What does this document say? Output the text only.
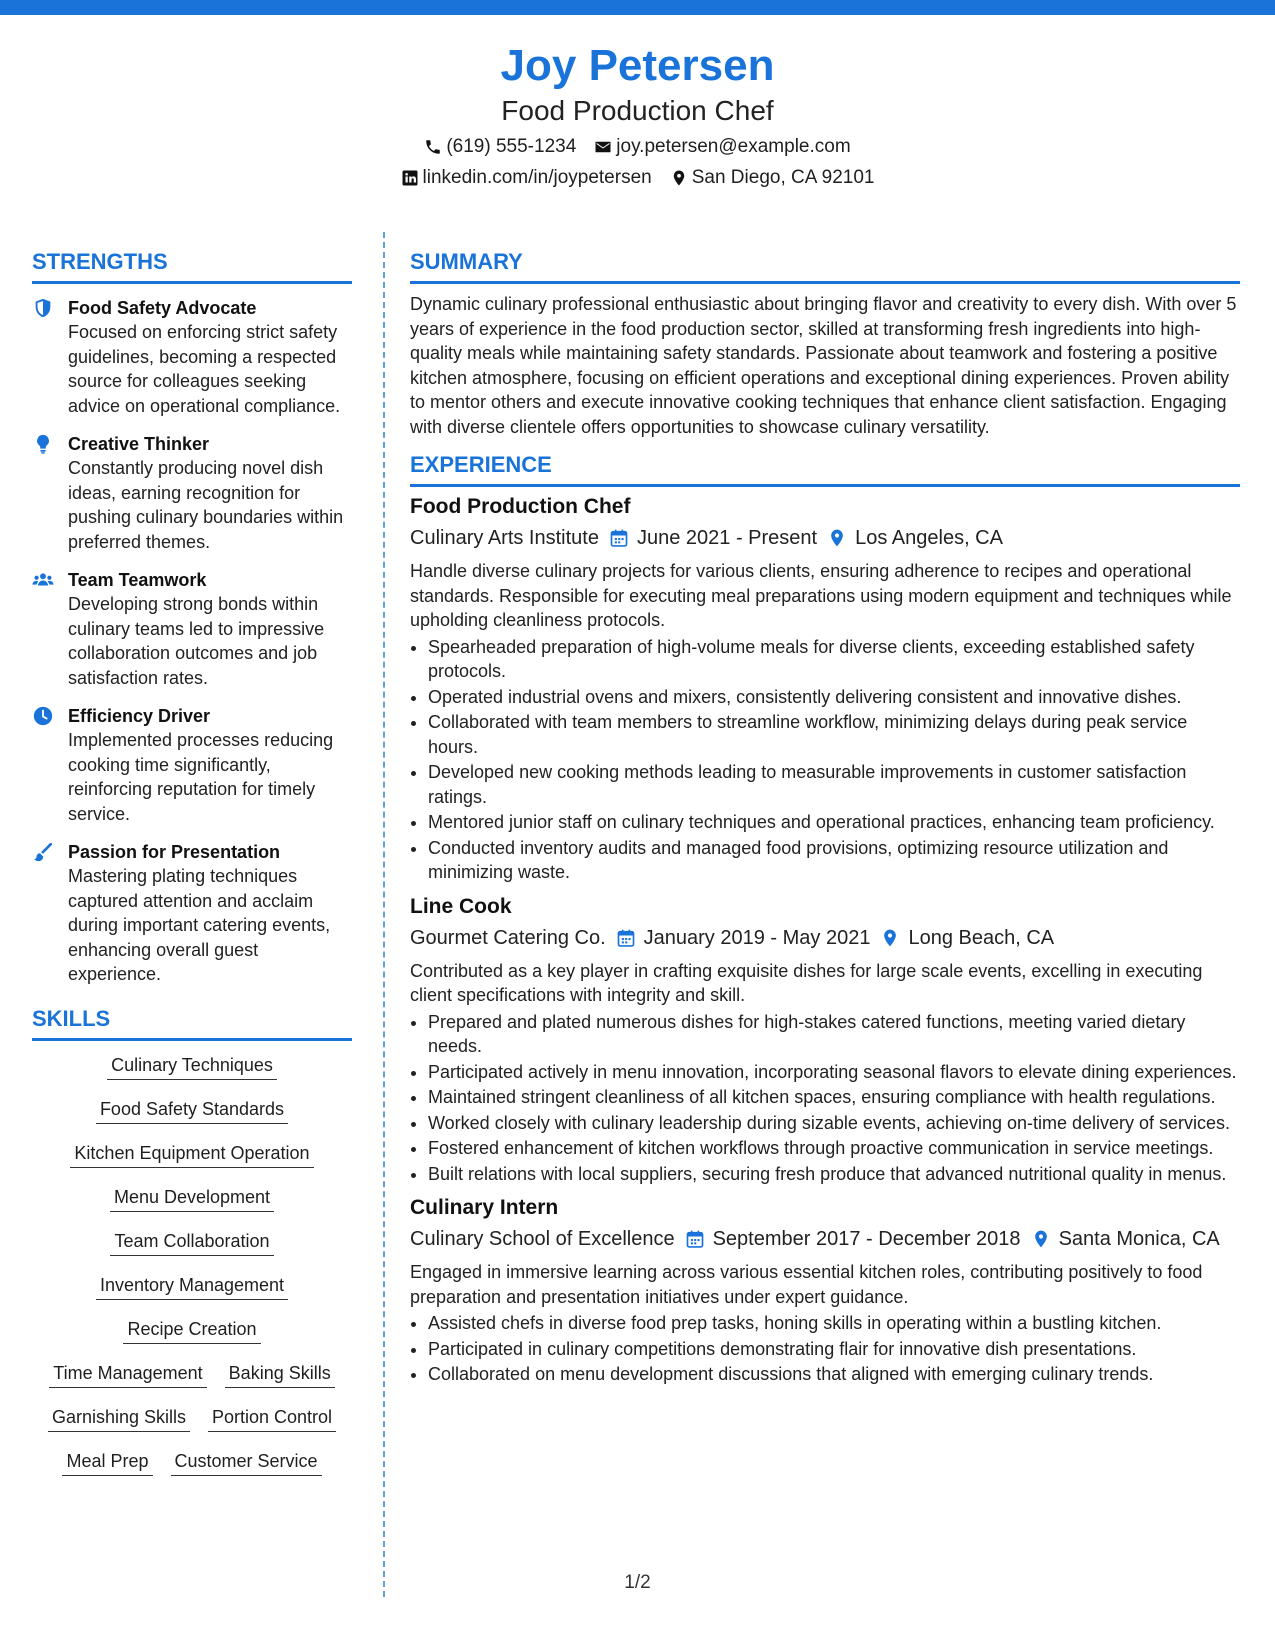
Joy Petersen
Food Production Chef
(619) 555-1234 joy.petersen@example.com
linkedin.com/in/joypetersen San Diego, CA 92101
STRENGTHS
Food Safety Advocate
Focused on enforcing strict safety guidelines, becoming a respected source for colleagues seeking advice on operational compliance.
Creative Thinker
Constantly producing novel dish ideas, earning recognition for pushing culinary boundaries within preferred themes.
Team Teamwork
Developing strong bonds within culinary teams led to impressive collaboration outcomes and job satisfaction rates.
Efficiency Driver
Implemented processes reducing cooking time significantly, reinforcing reputation for timely service.
Passion for Presentation
Mastering plating techniques captured attention and acclaim during important catering events, enhancing overall guest experience.
SKILLS
Culinary Techniques
Food Safety Standards
Kitchen Equipment Operation
Menu Development
Team Collaboration
Inventory Management
Recipe Creation
Time Management Baking Skills
Garnishing Skills Portion Control
Meal Prep Customer Service
SUMMARY
Dynamic culinary professional enthusiastic about bringing flavor and creativity to every dish. With over 5 years of experience in the food production sector, skilled at transforming fresh ingredients into high-quality meals while maintaining safety standards. Passionate about teamwork and fostering a positive kitchen atmosphere, focusing on efficient operations and exceptional dining experiences. Proven ability to mentor others and execute innovative cooking techniques that enhance client satisfaction. Engaging with diverse clientele offers opportunities to showcase culinary versatility.
EXPERIENCE
Food Production Chef
Culinary Arts Institute June 2021 - Present Los Angeles, CA
Handle diverse culinary projects for various clients, ensuring adherence to recipes and operational standards. Responsible for executing meal preparations using modern equipment and techniques while upholding cleanliness protocols.
• Spearheaded preparation of high-volume meals for diverse clients, exceeding established safety protocols.
• Operated industrial ovens and mixers, consistently delivering consistent and innovative dishes.
• Collaborated with team members to streamline workflow, minimizing delays during peak service hours.
• Developed new cooking methods leading to measurable improvements in customer satisfaction ratings.
• Mentored junior staff on culinary techniques and operational practices, enhancing team proficiency.
• Conducted inventory audits and managed food provisions, optimizing resource utilization and minimizing waste.
Line Cook
Gourmet Catering Co. January 2019 - May 2021 Long Beach, CA
Contributed as a key player in crafting exquisite dishes for large scale events, excelling in executing client specifications with integrity and skill.
• Prepared and plated numerous dishes for high-stakes catered functions, meeting varied dietary needs.
• Participated actively in menu innovation, incorporating seasonal flavors to elevate dining experiences.
• Maintained stringent cleanliness of all kitchen spaces, ensuring compliance with health regulations.
• Worked closely with culinary leadership during sizable events, achieving on-time delivery of services.
• Fostered enhancement of kitchen workflows through proactive communication in service meetings.
• Built relations with local suppliers, securing fresh produce that advanced nutritional quality in menus.
Culinary Intern
Culinary School of Excellence September 2017 - December 2018 Santa Monica, CA
Engaged in immersive learning across various essential kitchen roles, contributing positively to food preparation and presentation initiatives under expert guidance.
• Assisted chefs in diverse food prep tasks, honing skills in operating within a bustling kitchen.
• Participated in culinary competitions demonstrating flair for innovative dish presentations.
• Collaborated on menu development discussions that aligned with emerging culinary trends.
1/2
